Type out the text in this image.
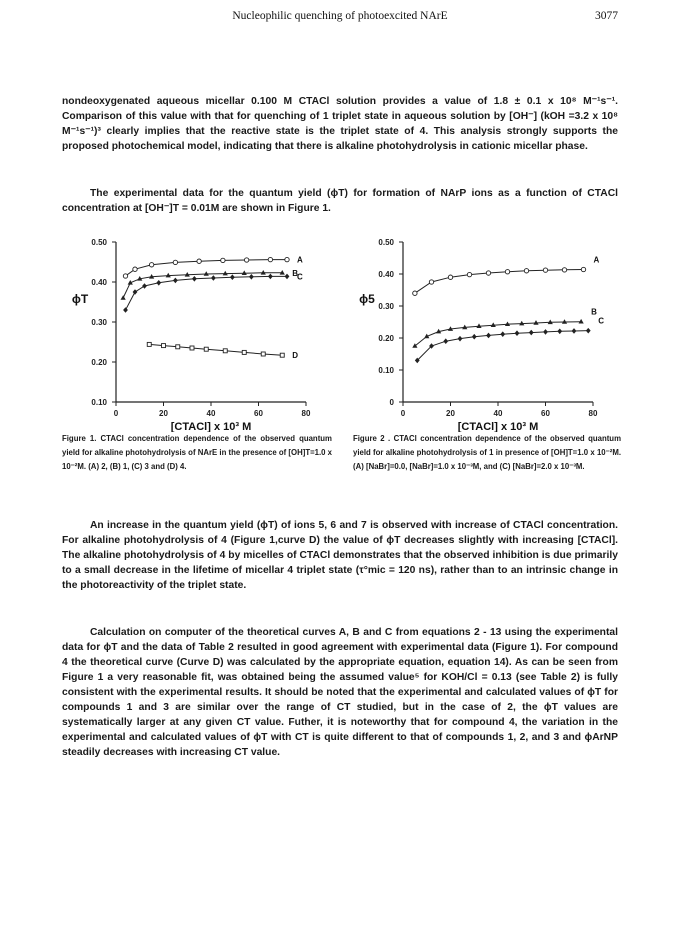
Nucleophilic quenching of photoexcited NArE	3077

nondeoxygenated aqueous micellar 0.100 M CTACl solution provides a value of 1.8 ± 0.1 x 10⁸ M⁻¹s⁻¹. Comparison of this value with that for quenching of 1 triplet state in aqueous solution by [OH⁻] (kOH =3.2 x 10⁸ M⁻¹s⁻¹)³ clearly implies that the reactive state is the triplet state of 4. This analysis strongly supports the proposed photochemical model, indicating that there is alkaline photohydrolysis in cationic micellar phase.

The experimental data for the quantum yield (ϕT) for formation of NArP ions as a function of CTACl concentration at [OH⁻]T = 0.01M are shown in Figure 1.

0	20	40	60	80
0.10
0.20
0.30
0.40
0.50
ϕT
[CTACl] x 10³ M
A
B
C
D
0	20	40	60	80
0
0.10
0.20
0.30
0.40
0.50
ϕ5
[CTACl] x 10³ M
A
B
C
Figure 1. CTACl concentration dependence of the observed quantum yield for alkaline photohydrolysis of NArE in the presence of [OH]T=1.0 x 10⁻²M. (A) 2, (B) 1, (C) 3 and (D) 4.
Figure 2 . CTACl concentration dependence of the observed quantum yield for alkaline photohydrolysis of 1 in presence of [OH]T=1.0 x 10⁻²M. (A) [NaBr]=0.0, [NaBr]=1.0 x 10⁻³M, and (C) [NaBr]=2.0 x 10⁻³M.

An increase in the quantum yield (ϕT) of ions 5, 6 and 7 is observed with increase of CTACl concentration. For alkaline photohydrolysis of 4 (Figure 1,curve D) the value of ϕT decreases slightly with increasing [CTACl]. The alkaline photohydrolysis of 4 by micelles of CTACl demonstrates that the observed inhibition is due primarily to a small decrease in the lifetime of micellar 4 triplet state (τ°mic = 120 ns), rather than to an intrinsic change in the photoreactivity of the triplet state.

Calculation on computer of the theoretical curves A, B and C from equations 2 - 13 using the experimental data for ϕT and the data of Table 2 resulted in good agreement with experimental data (Figure 1). For compound 4 the theoretical curve (Curve D) was calculated by the appropriate equation, equation 14). As can be seen from Figure 1 a very reasonable fit, was obtained being the assumed value⁵ for KOH/Cl = 0.13 (see Table 2) is fully consistent with the experimental results. It should be noted that the experimental and calculated values of ϕT for compounds 1 and 3 are similar over the range of CT studied, but in the case of 2, the ϕT values are systematically larger at any given CT value. Futher, it is noteworthy that for compound 4, the variation in the experimental and calculated values of ϕT with CT is quite different to that of compounds 1, 2, and 3 and ϕArNP steadily decreases with increasing CT value.
